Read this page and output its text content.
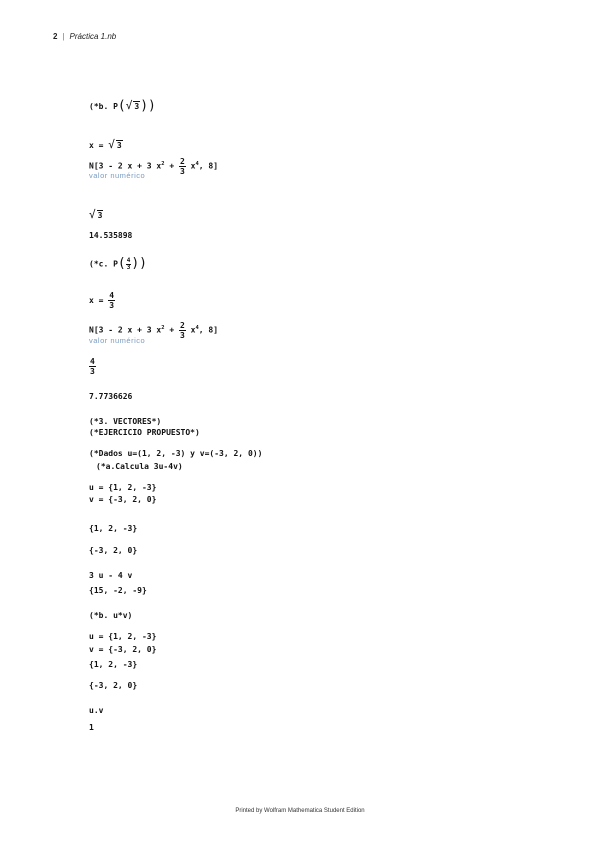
2 | Práctica 1.nb
(*b. P(√ 3))
x = √ 3
N[3 - 2 x + 3 $x^2 + \frac{2}{3} x^4$, 8]
valor numérico
√ 3
14.535898
(*c. $P( \frac{4}{3}$ ))
$x = \frac{4}{3}$
N[3 - 2 x + 3 $x^2 + \frac{2}{3} x^4$, 8]
valor numérico
$\frac{4}{3}$
7.7736626
(*3. VECTORES*)
(*EJERCICIO PROPUESTO*)
(*Dados u=(1, 2, -3) y v=(-3, 2, 0))
(*a.Calcula 3u-4v)
u = {1, 2, -3}
v = {-3, 2, 0}
{1, 2, -3}
{-3, 2, 0}
3 u - 4 v
{15, -2, -9}
(*b. u*v)
u = {1, 2, -3}
v = {-3, 2, 0}
{1, 2, -3}
{-3, 2, 0}
u.v
1
Printed by Wolfram Mathematica Student Edition
